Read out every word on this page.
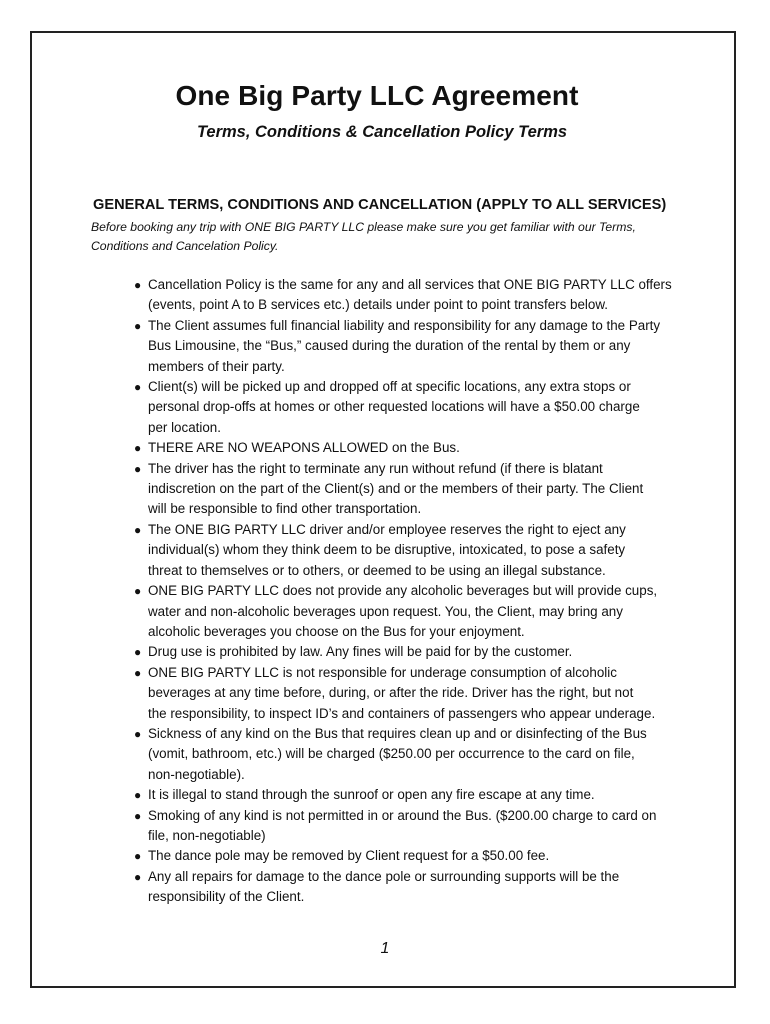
One Big Party LLC Agreement
Terms, Conditions & Cancellation Policy Terms
GENERAL TERMS, CONDITIONS AND CANCELLATION (APPLY TO ALL SERVICES)

Before booking any trip with ONE BIG PARTY LLC please make sure you get familiar with our Terms, Conditions and Cancelation Policy.

● Cancellation Policy is the same for any and all services that ONE BIG PARTY LLC offers
(events, point A to B services etc.) details under point to point transfers below.
● The Client assumes full financial liability and responsibility for any damage to the Party
Bus Limousine, the “Bus,” caused during the duration of the rental by them or any
members of their party.
● Client(s) will be picked up and dropped off at specific locations, any extra stops or
personal drop-offs at homes or other requested locations will have a $50.00 charge
per location.
● THERE ARE NO WEAPONS ALLOWED on the Bus.
● The driver has the right to terminate any run without refund (if there is blatant
indiscretion on the part of the Client(s) and or the members of their party. The Client
will be responsible to find other transportation.
● The ONE BIG PARTY LLC driver and/or employee reserves the right to eject any
individual(s) whom they think deem to be disruptive, intoxicated, to pose a safety
threat to themselves or to others, or deemed to be using an illegal substance.
● ONE BIG PARTY LLC does not provide any alcoholic beverages but will provide cups,
water and non-alcoholic beverages upon request. You, the Client, may bring any
alcoholic beverages you choose on the Bus for your enjoyment.
● Drug use is prohibited by law. Any fines will be paid for by the customer.
● ONE BIG PARTY LLC is not responsible for underage consumption of alcoholic
beverages at any time before, during, or after the ride. Driver has the right, but not
the responsibility, to inspect ID’s and containers of passengers who appear underage.
● Sickness of any kind on the Bus that requires clean up and or disinfecting of the Bus
(vomit, bathroom, etc.) will be charged ($250.00 per occurrence to the card on file,
non-negotiable).
● It is illegal to stand through the sunroof or open any fire escape at any time.
● Smoking of any kind is not permitted in or around the Bus. ($200.00 charge to card on
file, non-negotiable)
● The dance pole may be removed by Client request for a $50.00 fee.
● Any all repairs for damage to the dance pole or surrounding supports will be the
responsibility of the Client.
1
